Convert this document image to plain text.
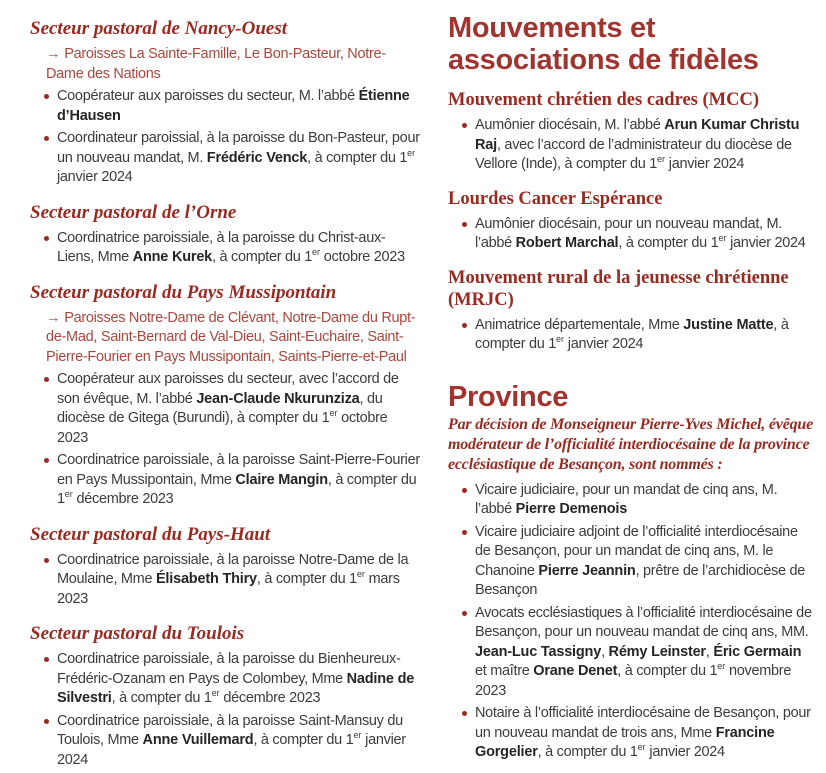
Secteur pastoral de Nancy-Ouest

→ Paroisses La Sainte-Famille, Le Bon-Pasteur, Notre-Dame des Nations

Coopérateur aux paroisses du secteur, M. l’abbé Étienne d’Hausen
Coordinateur paroissial, à la paroisse du Bon-Pasteur, pour un nouveau mandat, M. Frédéric Venck, à compter du 1er janvier 2024
Secteur pastoral de l’Orne
Coordinatrice paroissiale, à la paroisse du Christ-aux-Liens, Mme Anne Kurek, à compter du 1er octobre 2023
Secteur pastoral du Pays Mussipontain

→ Paroisses Notre-Dame de Clévant, Notre-Dame du Rupt-de-Mad, Saint-Bernard de Val-Dieu, Saint-Euchaire, Saint-Pierre-Fourier en Pays Mussipontain, Saints-Pierre-et-Paul

Coopérateur aux paroisses du secteur, avec l’accord de son évêque, M. l’abbé Jean-Claude Nkurunziza, du diocèse de Gitega (Burundi), à compter du 1er octobre 2023
Coordinatrice paroissiale, à la paroisse Saint-Pierre-Fourier en Pays Mussipontain, Mme Claire Mangin, à compter du 1er décembre 2023
Secteur pastoral du Pays-Haut
Coordinatrice paroissiale, à la paroisse Notre-Dame de la Moulaine, Mme Élisabeth Thiry, à compter du 1er mars 2023
Secteur pastoral du Toulois
Coordinatrice paroissiale, à la paroisse du Bienheureux-Frédéric-Ozanam en Pays de Colombey, Mme Nadine de Silvestri, à compter du 1er décembre 2023
Coordinatrice paroissiale, à la paroisse Saint-Mansuy du Toulois, Mme Anne Vuillemard, à compter du 1er janvier 2024
Mouvements et associations de fidèles
Mouvement chrétien des cadres (MCC)
Aumônier diocésain, M. l’abbé Arun Kumar Christu Raj, avec l’accord de l’administrateur du diocèse de Vellore (Inde), à compter du 1er janvier 2024
Lourdes Cancer Espérance
Aumônier diocésain, pour un nouveau mandat, M. l’abbé Robert Marchal, à compter du 1er janvier 2024
Mouvement rural de la jeunesse chrétienne (MRJC)
Animatrice départementale, Mme Justine Matte, à compter du 1er janvier 2024
Province

Par décision de Monseigneur Pierre-Yves Michel, évêque modérateur de l’officialité interdiocésaine de la province ecclésiastique de Besançon, sont nommés :

Vicaire judiciaire, pour un mandat de cinq ans, M. l’abbé Pierre Demenois
Vicaire judiciaire adjoint de l’officialité interdiocésaine de Besançon, pour un mandat de cinq ans, M. le Chanoine Pierre Jeannin, prêtre de l’archidiocèse de Besançon
Avocats ecclésiastiques à l’officialité interdiocésaine de Besançon, pour un nouveau mandat de cinq ans, MM. Jean-Luc Tassigny, Rémy Leinster, Éric Germain et maître Orane Denet, à compter du 1er novembre 2023
Notaire à l’officialité interdiocésaine de Besançon, pour un nouveau mandat de trois ans, Mme Francine Gorgelier, à compter du 1er janvier 2024
